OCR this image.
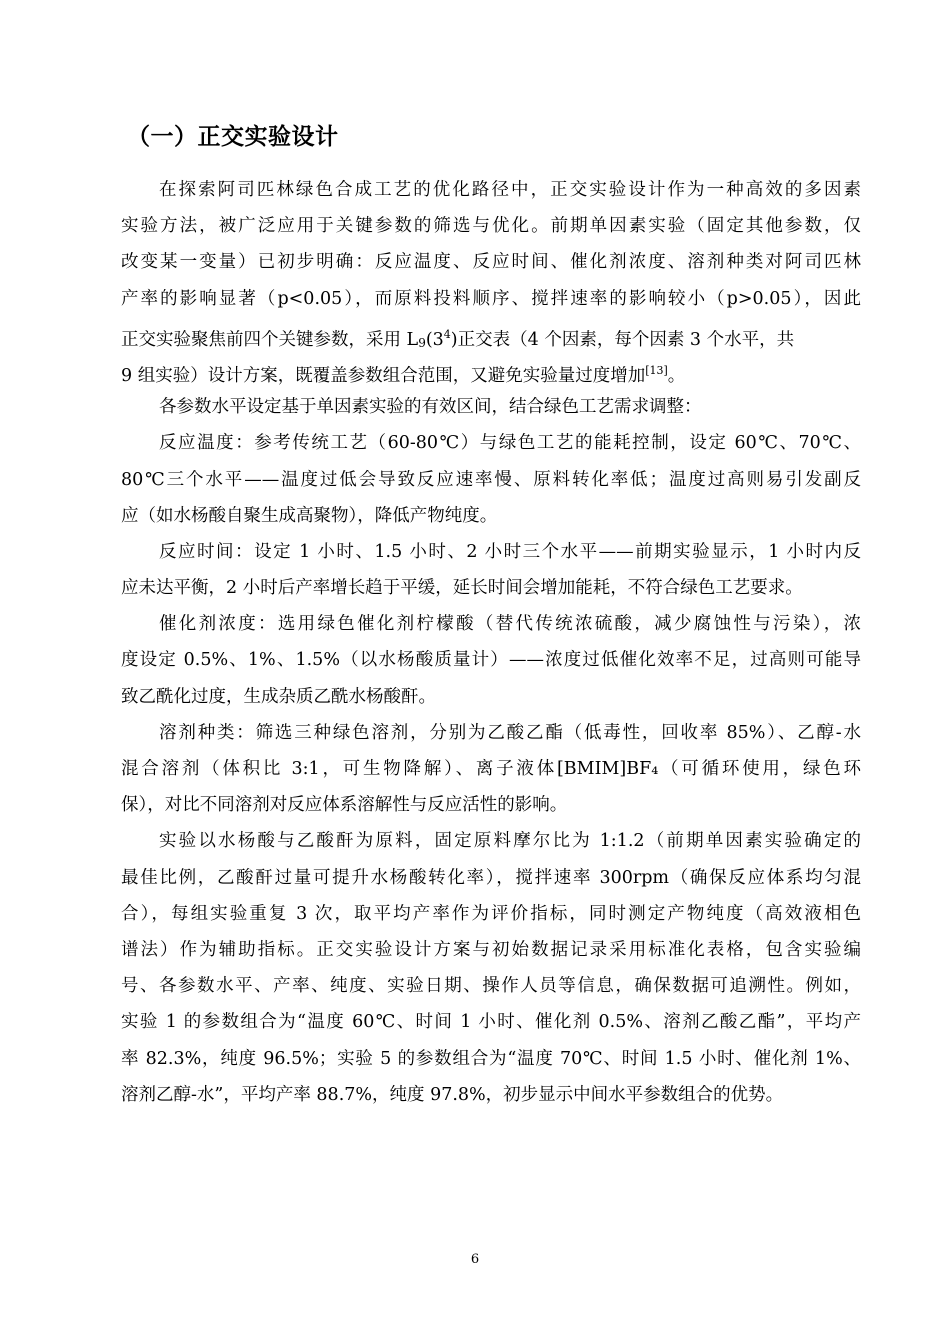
（一）正交实验设计
在探索阿司匹林绿色合成工艺的优化路径中，正交实验设计作为一种高效的多因素
实验方法，被广泛应用于关键参数的筛选与优化。前期单因素实验（固定其他参数，仅
改变某一变量）已初步明确：反应温度、反应时间、催化剂浓度、溶剂种类对阿司匹林
产率的影响显著（p<0.05），而原料投料顺序、搅拌速率的影响较小（p>0.05），因此
正交实验聚焦前四个关键参数，采用 $L9(3^4)$正交表（4 个因素，每个因素 3 个水平，共
9 组实验）设计方案，既覆盖参数组合范围，又避免实验量过度增加[13]。
各参数水平设定基于单因素实验的有效区间，结合绿色工艺需求调整：
反应温度：参考传统工艺（60-80℃）与绿色工艺的能耗控制，设定 60℃、70℃、
80℃三个水平——温度过低会导致反应速率慢、原料转化率低；温度过高则易引发副反
应（如水杨酸自聚生成高聚物），降低产物纯度。
反应时间：设定 1 小时、1.5 小时、2 小时三个水平——前期实验显示，1 小时内反
应未达平衡，2 小时后产率增长趋于平缓，延长时间会增加能耗，不符合绿色工艺要求。
催化剂浓度：选用绿色催化剂柠檬酸（替代传统浓硫酸，减少腐蚀性与污染），浓
度设定 0.5%、1%、1.5%（以水杨酸质量计）——浓度过低催化效率不足，过高则可能导
致乙酰化过度，生成杂质乙酰水杨酸酐。
溶剂种类：筛选三种绿色溶剂，分别为乙酸乙酯（低毒性，回收率 85%）、乙醇-水
混合溶剂（体积比 3:1，可生物降解）、离子液体[BMIM]BF₄（可循环使用，绿色环
保），对比不同溶剂对反应体系溶解性与反应活性的影响。
实验以水杨酸与乙酸酐为原料，固定原料摩尔比为 1:1.2（前期单因素实验确定的
最佳比例，乙酸酐过量可提升水杨酸转化率），搅拌速率 300rpm（确保反应体系均匀混
合），每组实验重复 3 次，取平均产率作为评价指标，同时测定产物纯度（高效液相色
谱法）作为辅助指标。正交实验设计方案与初始数据记录采用标准化表格，包含实验编
号、各参数水平、产率、纯度、实验日期、操作人员等信息，确保数据可追溯性。例如，
实验 1 的参数组合为“温度 60℃、时间 1 小时、催化剂 0.5%、溶剂乙酸乙酯”，平均产
率 82.3%，纯度 96.5%；实验 5 的参数组合为“温度 70℃、时间 1.5 小时、催化剂 1%、
溶剂乙醇-水”，平均产率 88.7%，纯度 97.8%，初步显示中间水平参数组合的优势。
6
